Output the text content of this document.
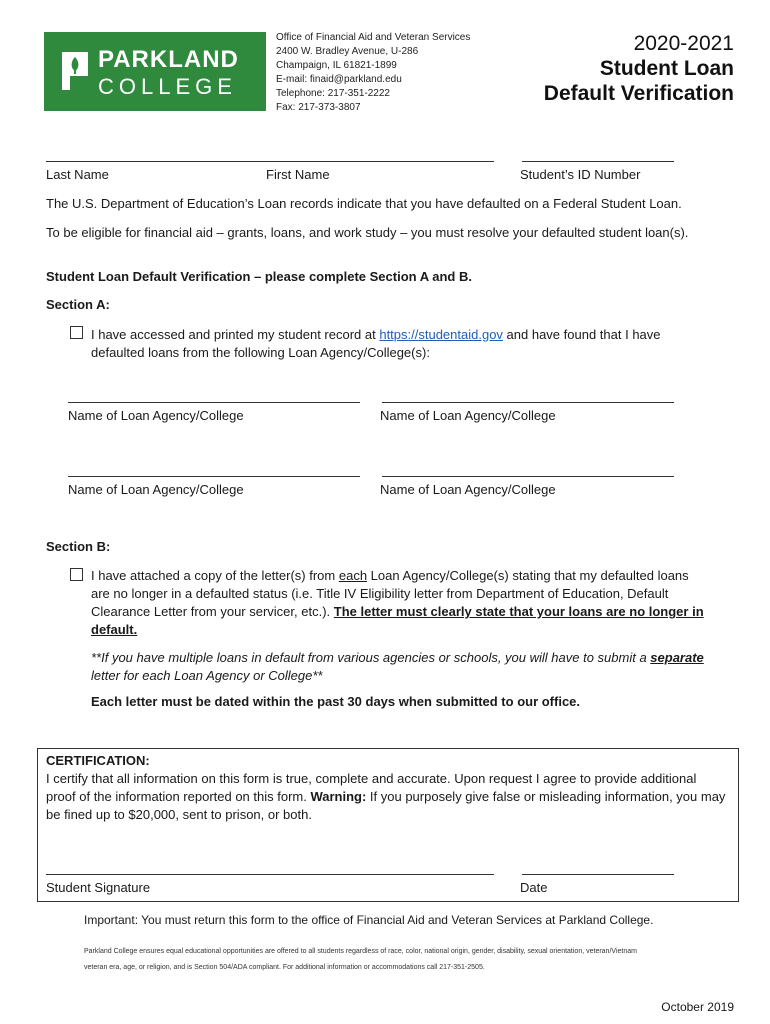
PARKLAND
COLLEGE
Office of Financial Aid and Veteran Services
2400 W. Bradley Avenue, U-286
Champaign, IL 61821-1899
E-mail: finaid@parkland.edu
Telephone: 217-351-2222
Fax: 217-373-3807
2020-2021
Student Loan
Default Verification
Last Name	First Name	Student’s ID Number
The U.S. Department of Education’s Loan records indicate that you have defaulted on a Federal Student Loan.
To be eligible for financial aid – grants, loans, and work study – you must resolve your defaulted student loan(s).
Student Loan Default Verification – please complete Section A and B.
Section A:
I have accessed and printed my student record at https://studentaid.gov and have found that I have defaulted loans from the following Loan Agency/College(s):
Name of Loan Agency/College	Name of Loan Agency/College
Name of Loan Agency/College	Name of Loan Agency/College
Section B:
I have attached a copy of the letter(s) from each Loan Agency/College(s) stating that my defaulted loans are no longer in a defaulted status (i.e. Title IV Eligibility letter from Department of Education, Default Clearance Letter from your servicer, etc.). The letter must clearly state that your loans are no longer in default.
**If you have multiple loans in default from various agencies or schools, you will have to submit a separate letter for each Loan Agency or College**
Each letter must be dated within the past 30 days when submitted to our office.
CERTIFICATION:
I certify that all information on this form is true, complete and accurate. Upon request I agree to provide additional proof of the information reported on this form. Warning: If you purposely give false or misleading information, you may be fined up to $20,000, sent to prison, or both.
Student Signature	Date
Important: You must return this form to the office of Financial Aid and Veteran Services at Parkland College.
Parkland College ensures equal educational opportunities are offered to all students regardless of race, color, national origin, gender, disability, sexual orientation, veteran/Vietnam
veteran era, age, or religion, and is Section 504/ADA compliant. For additional information or accommodations call 217-351-2505.
October 2019
